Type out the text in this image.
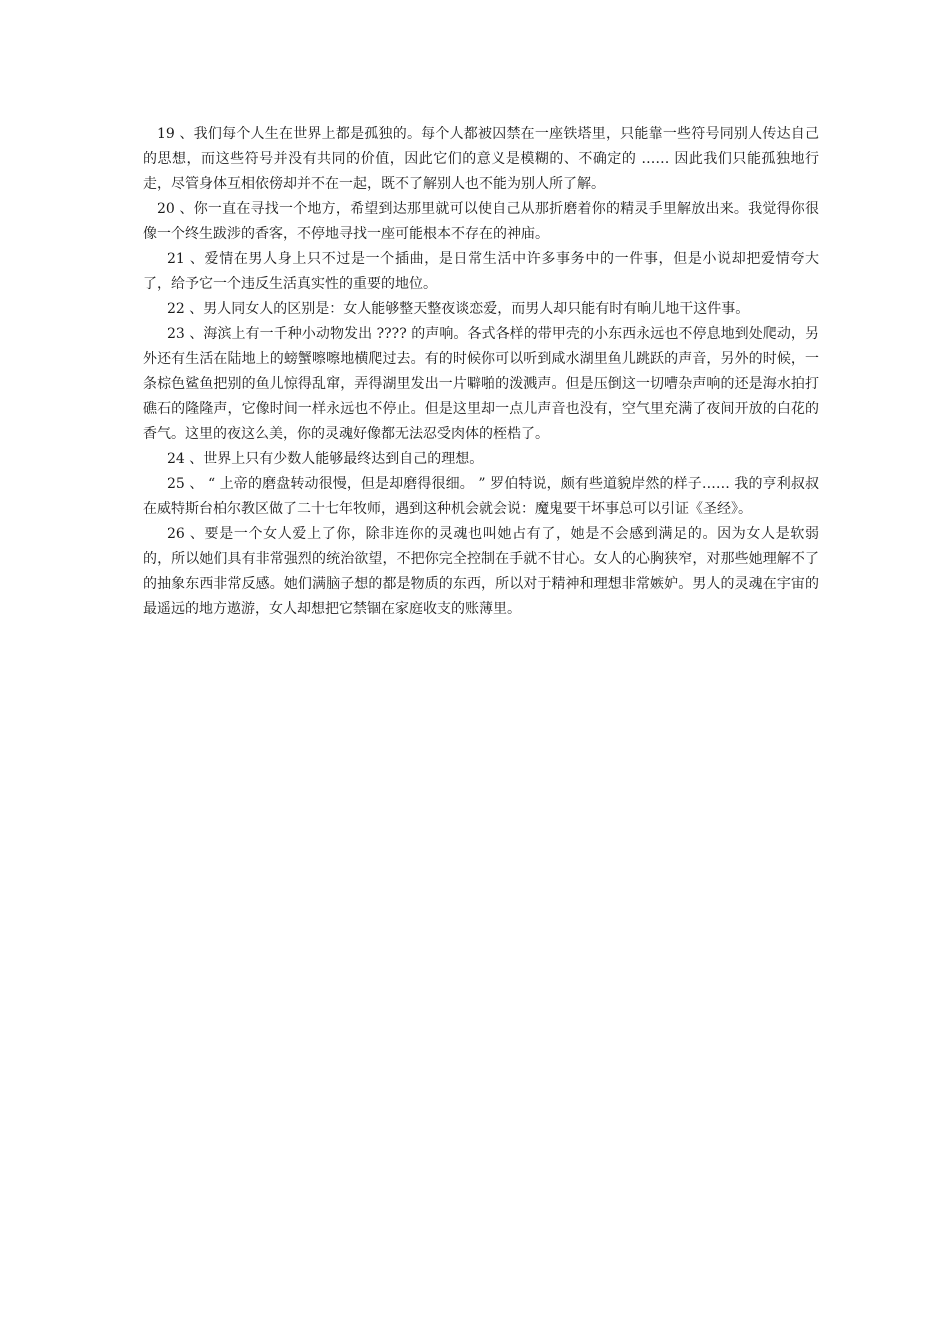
19 、我们每个人生在世界上都是孤独的。每个人都被囚禁在一座铁塔里，只能靠一些符号同别人传达自己的思想，而这些符号并没有共同的价值，因此它们的意义是模糊的、不确定的 …… 因此我们只能孤独地行走，尽管身体互相依傍却并不在一起，既不了解别人也不能为别人所了解。

20 、你一直在寻找一个地方，希望到达那里就可以使自己从那折磨着你的精灵手里解放出来。我觉得你很像一个终生跋涉的香客，不停地寻找一座可能根本不存在的神庙。

21 、爱情在男人身上只不过是一个插曲，是日常生活中许多事务中的一件事，但是小说却把爱情夸大了，给予它一个违反生活真实性的重要的地位。

22 、男人同女人的区别是：女人能够整天整夜谈恋爱，而男人却只能有时有晌儿地干这件事。

23 、海滨上有一千种小动物发出 ???? 的声响。各式各样的带甲壳的小东西永远也不停息地到处爬动，另外还有生活在陆地上的螃蟹嚓嚓地横爬过去。有的时候你可以听到咸水湖里鱼儿跳跃的声音，另外的时候，一条棕色鲨鱼把别的鱼儿惊得乱窜，弄得湖里发出一片噼啪的泼溅声。但是压倒这一切嘈杂声响的还是海水拍打礁石的隆隆声，它像时间一样永远也不停止。但是这里却一点儿声音也没有，空气里充满了夜间开放的白花的香气。这里的夜这么美，你的灵魂好像都无法忍受肉体的桎梏了。

24 、世界上只有少数人能够最终达到自己的理想。

25 、 “ 上帝的磨盘转动很慢，但是却磨得很细。 ” 罗伯特说，颇有些道貌岸然的样子…… 我的亨利叔叔在威特斯台柏尔教区做了二十七年牧师，遇到这种机会就会说：魔鬼要干坏事总可以引证《圣经》。

26 、要是一个女人爱上了你，除非连你的灵魂也叫她占有了，她是不会感到满足的。因为女人是软弱的，所以她们具有非常强烈的统治欲望，不把你完全控制在手就不甘心。女人的心胸狭窄，对那些她理解不了的抽象东西非常反感。她们满脑子想的都是物质的东西，所以对于精神和理想非常嫉妒。男人的灵魂在宇宙的最遥远的地方遨游，女人却想把它禁锢在家庭收支的账薄里。
